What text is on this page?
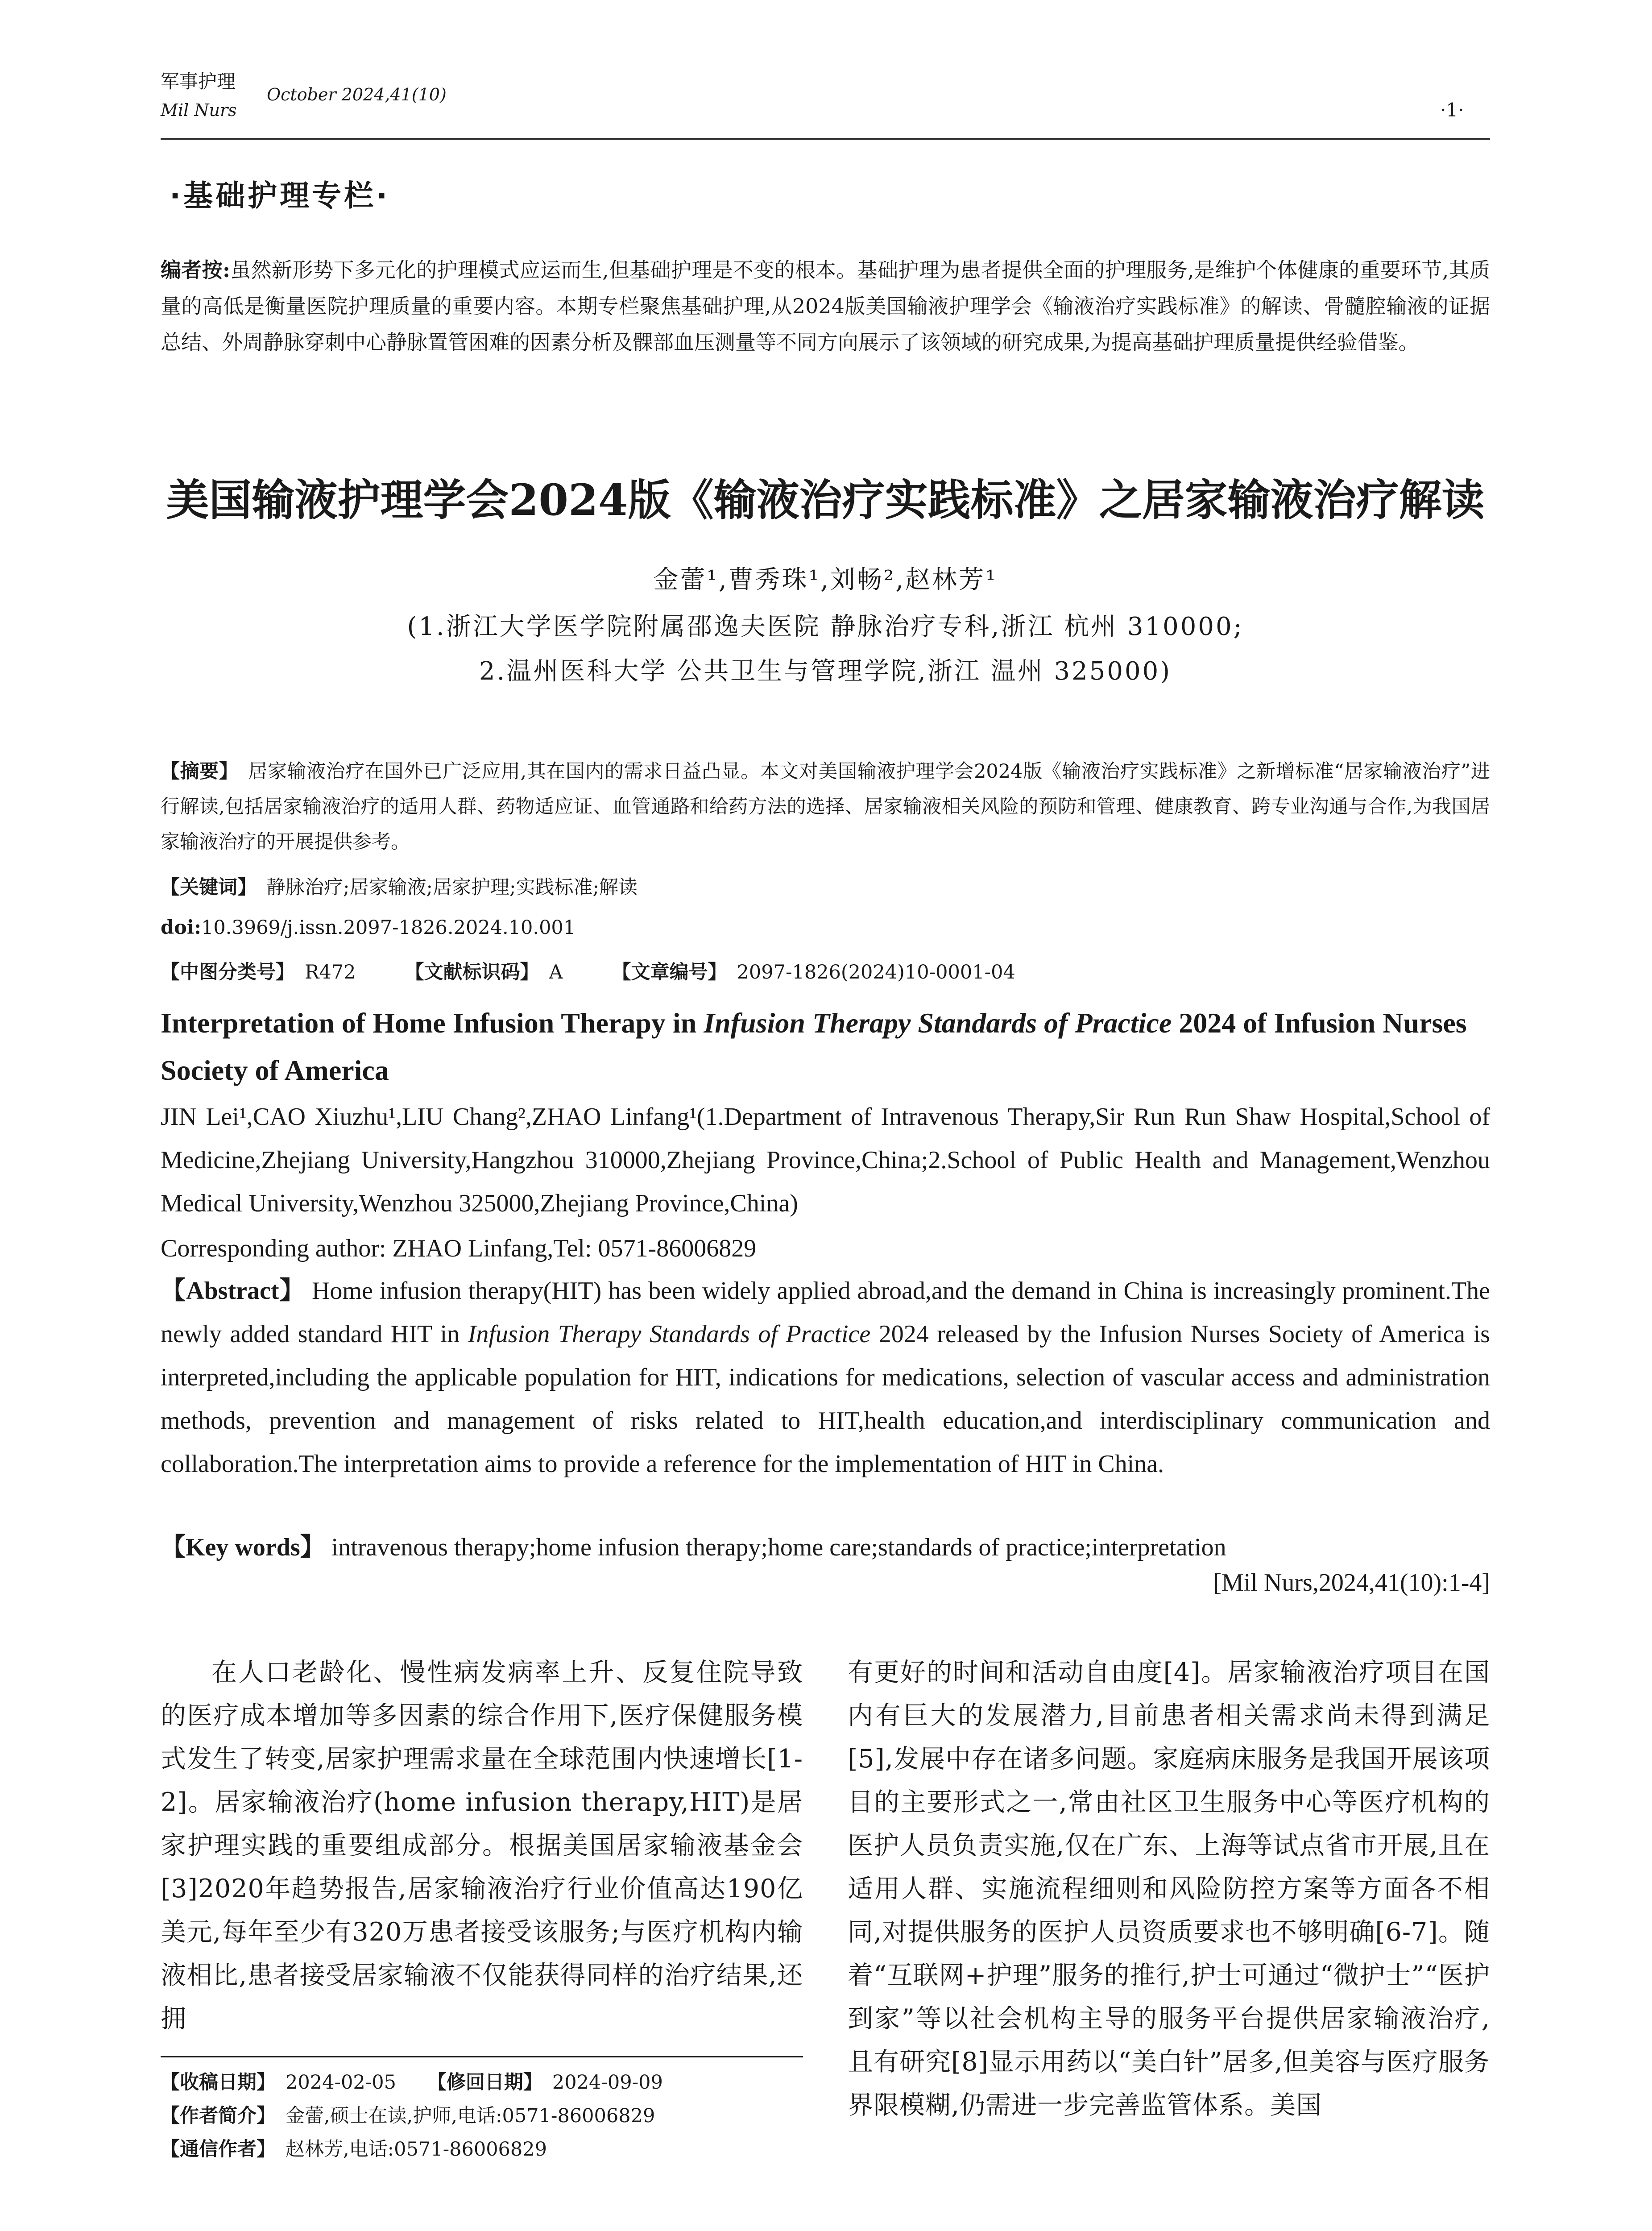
军事护理
Mil Nurs
October 2024,41(10)
·1·
·基础护理专栏·
编者按:虽然新形势下多元化的护理模式应运而生,但基础护理是不变的根本。基础护理为患者提供全面的护理服务,是维护个体健康的重要环节,其质量的高低是衡量医院护理质量的重要内容。本期专栏聚焦基础护理,从2024版美国输液护理学会《输液治疗实践标准》的解读、骨髓腔输液的证据总结、外周静脉穿刺中心静脉置管困难的因素分析及髁部血压测量等不同方向展示了该领域的研究成果,为提高基础护理质量提供经验借鉴。
美国输液护理学会2024版《输液治疗实践标准》之居家输液治疗解读
金蕾¹,曹秀珠¹,刘畅²,赵林芳¹
(1.浙江大学医学院附属邵逸夫医院 静脉治疗专科,浙江 杭州 310000;
2.温州医科大学 公共卫生与管理学院,浙江 温州 325000)
【摘要】 居家输液治疗在国外已广泛应用,其在国内的需求日益凸显。本文对美国输液护理学会2024版《输液治疗实践标准》之新增标准“居家输液治疗”进行解读,包括居家输液治疗的适用人群、药物适应证、血管通路和给药方法的选择、居家输液相关风险的预防和管理、健康教育、跨专业沟通与合作,为我国居家输液治疗的开展提供参考。
【关键词】 静脉治疗;居家输液;居家护理;实践标准;解读
doi:10.3969/j.issn.2097-1826.2024.10.001
【中图分类号】 R472	【文献标识码】 A	【文章编号】 2097-1826(2024)10-0001-04
Interpretation of Home Infusion Therapy in Infusion Therapy Standards of Practice 2024 of Infusion Nurses Society of America
JIN Lei¹,CAO Xiuzhu¹,LIU Chang²,ZHAO Linfang¹(1.Department of Intravenous Therapy,Sir Run Run Shaw Hospital,School of Medicine,Zhejiang University,Hangzhou 310000,Zhejiang Province,China;2.School of Public Health and Management,Wenzhou Medical University,Wenzhou 325000,Zhejiang Province,China)
Corresponding author: ZHAO Linfang,Tel: 0571-86006829
【Abstract】 Home infusion therapy(HIT) has been widely applied abroad,and the demand in China is increasingly prominent.The newly added standard HIT in Infusion Therapy Standards of Practice 2024 released by the Infusion Nurses Society of America is interpreted,including the applicable population for HIT, indications for medications, selection of vascular access and administration methods, prevention and management of risks related to HIT,health education,and interdisciplinary communication and collaboration.The interpretation aims to provide a reference for the implementation of HIT in China.
【Key words】 intravenous therapy;home infusion therapy;home care;standards of practice;interpretation
[Mil Nurs,2024,41(10):1-4]
在人口老龄化、慢性病发病率上升、反复住院导致的医疗成本增加等多因素的综合作用下,医疗保健服务模式发生了转变,居家护理需求量在全球范围内快速增长[1-2]。居家输液治疗(home infusion therapy,HIT)是居家护理实践的重要组成部分。根据美国居家输液基金会[3]2020年趋势报告,居家输液治疗行业价值高达190亿美元,每年至少有320万患者接受该服务;与医疗机构内输液相比,患者接受居家输液不仅能获得同样的治疗结果,还拥
有更好的时间和活动自由度[4]。居家输液治疗项目在国内有巨大的发展潜力,目前患者相关需求尚未得到满足[5],发展中存在诸多问题。家庭病床服务是我国开展该项目的主要形式之一,常由社区卫生服务中心等医疗机构的医护人员负责实施,仅在广东、上海等试点省市开展,且在适用人群、实施流程细则和风险防控方案等方面各不相同,对提供服务的医护人员资质要求也不够明确[6-7]。随着“互联网+护理”服务的推行,护士可通过“微护士”“医护到家”等以社会机构主导的服务平台提供居家输液治疗,且有研究[8]显示用药以“美白针”居多,但美容与医疗服务界限模糊,仍需进一步完善监管体系。美国
【收稿日期】 2024-02-05 【修回日期】 2024-09-09
【作者简介】 金蕾,硕士在读,护师,电话:0571-86006829
【通信作者】 赵林芳,电话:0571-86006829
